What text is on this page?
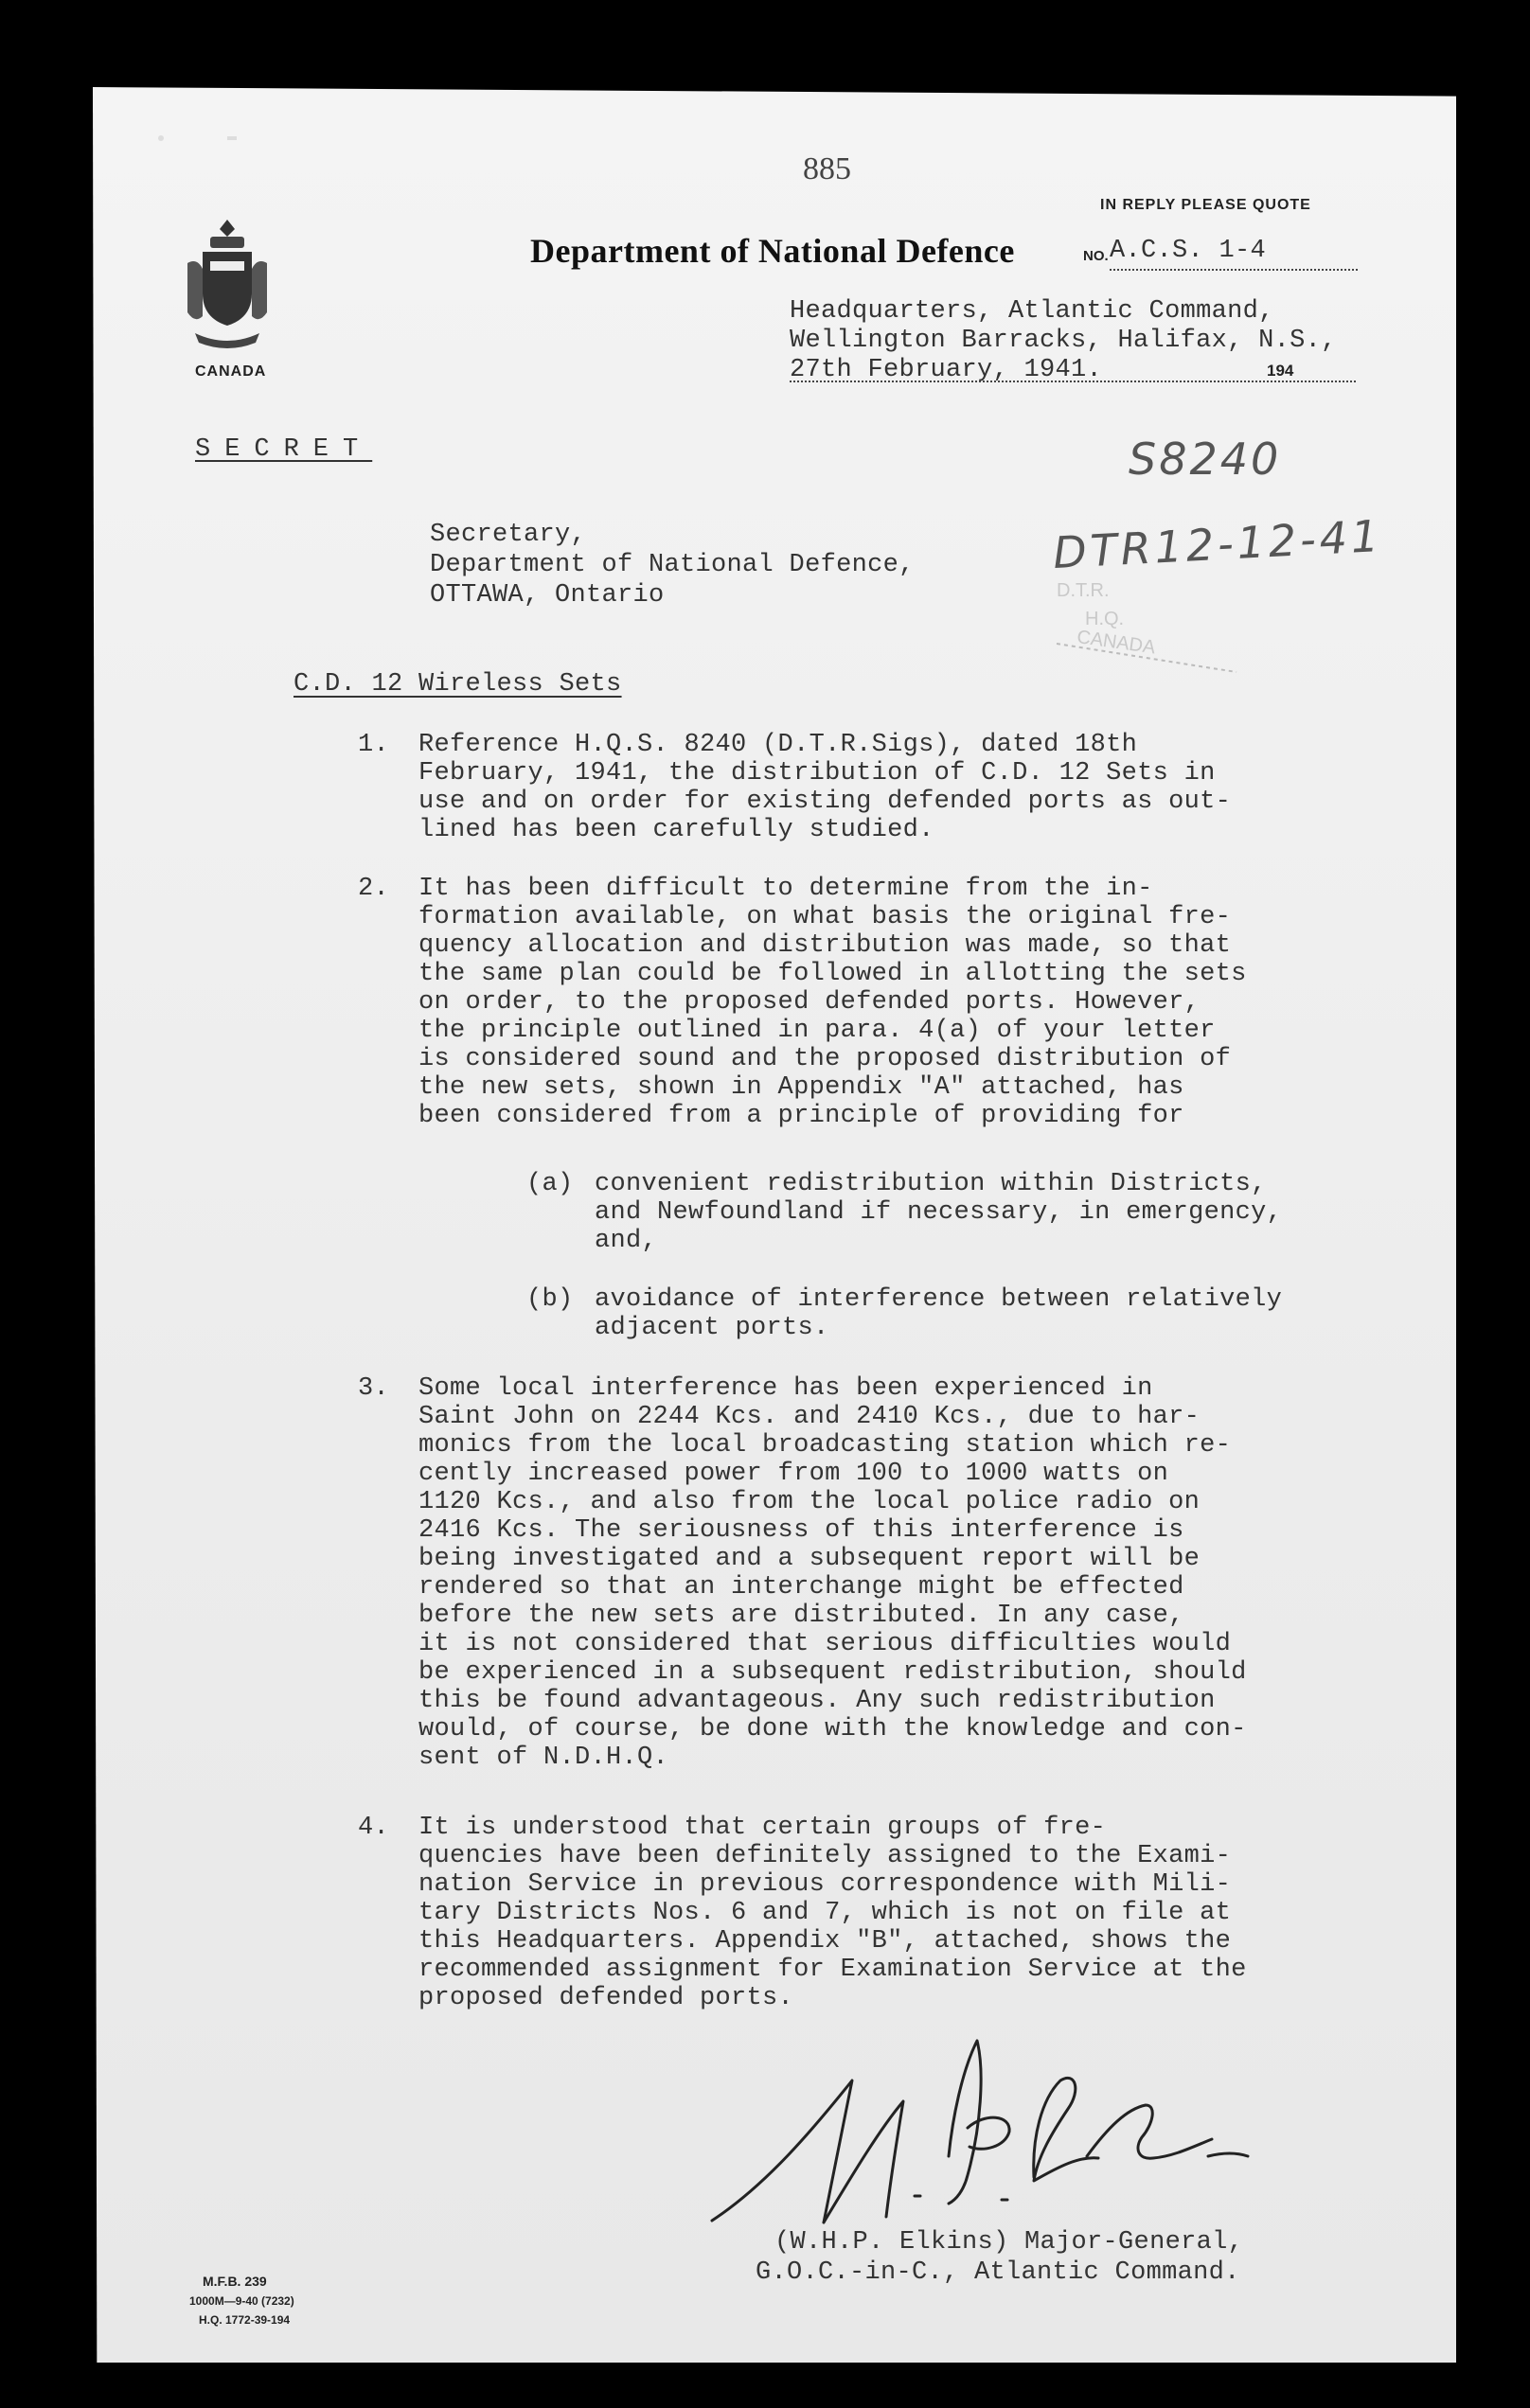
885
IN REPLY PLEASE QUOTE
CANADA
Department of National Defence	NO. A.C.S. 1-4
Headquarters, Atlantic Command,
Wellington Barracks, Halifax, N.S.,
27th February, 1941.	194
SECRET	S8240
DTR12-12-41
D.T.R.
H.Q.
CANADA
Secretary,
Department of National Defence,
OTTAWA, Ontario
C.D. 12 Wireless Sets
1. Reference H.Q.S. 8240 (D.T.R.Sigs), dated 18th
February, 1941, the distribution of C.D. 12 Sets in
use and on order for existing defended ports as out-
lined has been carefully studied.
2. It has been difficult to determine from the in-
formation available, on what basis the original fre-
quency allocation and distribution was made, so that
the same plan could be followed in allotting the sets
on order, to the proposed defended ports. However,
the principle outlined in para. 4(a) of your letter
is considered sound and the proposed distribution of
the new sets, shown in Appendix "A" attached, has
been considered from a principle of providing for
(a) convenient redistribution within Districts,
and Newfoundland if necessary, in emergency,
and,
(b) avoidance of interference between relatively
adjacent ports.
3. Some local interference has been experienced in
Saint John on 2244 Kcs. and 2410 Kcs., due to har-
monics from the local broadcasting station which re-
cently increased power from 100 to 1000 watts on
1120 Kcs., and also from the local police radio on
2416 Kcs. The seriousness of this interference is
being investigated and a subsequent report will be
rendered so that an interchange might be effected
before the new sets are distributed. In any case,
it is not considered that serious difficulties would
be experienced in a subsequent redistribution, should
this be found advantageous. Any such redistribution
would, of course, be done with the knowledge and con-
sent of N.D.H.Q.
4. It is understood that certain groups of fre-
quencies have been definitely assigned to the Exami-
nation Service in previous correspondence with Mili-
tary Districts Nos. 6 and 7, which is not on file at
this Headquarters. Appendix "B", attached, shows the
recommended assignment for Examination Service at the
proposed defended ports.
(W.H.P. Elkins) Major-General,
G.O.C.-in-C., Atlantic Command.
M.F.B. 239
1000M—9-40 (7232)
H.Q. 1772-39-194
